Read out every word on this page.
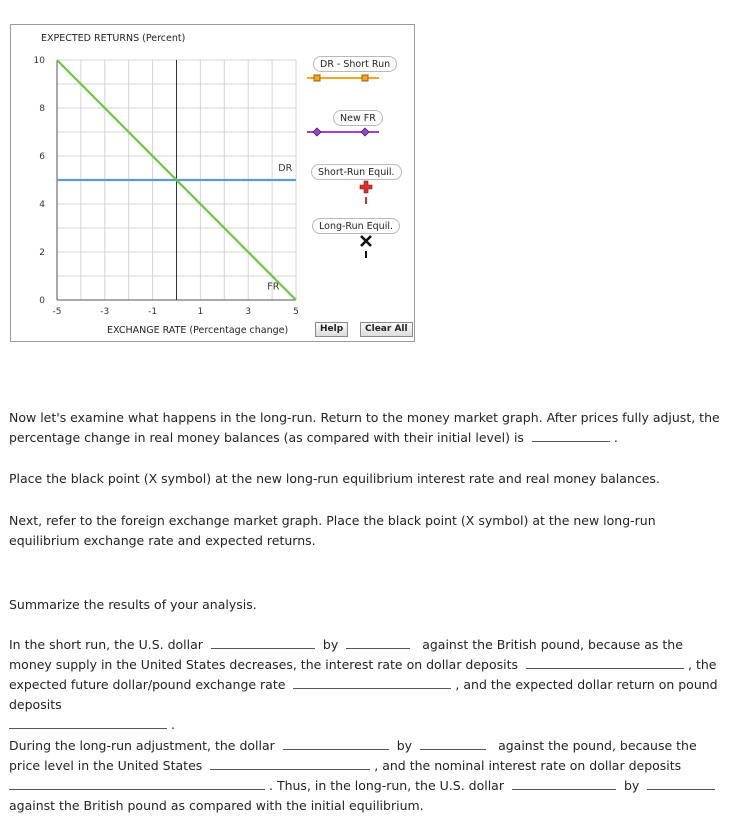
-5	-3	-1	1	3	5
0
2
4
6
8
10
EXPECTED RETURNS (Percent)
EXCHANGE RATE (Percentage change)
DR
FR
DR - Short Run
New FR
Short-Run Equil.
Long-Run Equil.
Help	Clear All
Now let's examine what happens in the long-run. Return to the money market graph. After prices fully adjust, the percentage change in real money balances (as compared with their initial level) is	.
Place the black point (X symbol) at the new long-run equilibrium interest rate and real money balances.
Next, refer to the foreign exchange market graph. Place the black point (X symbol) at the new long-run equilibrium exchange rate and expected returns.
Summarize the results of your analysis.
In the short run, the U.S. dollar	by	against the British pound, because as the money supply in the United States decreases, the interest rate on dollar deposits	, the expected future dollar/pound exchange rate	, and the expected dollar return on pound deposits
.
During the long-run adjustment, the dollar	by	against the pound, because the price level in the United States	, and the nominal interest rate on dollar deposits
. Thus, in the long-run, the U.S. dollar	by
against the British pound as compared with the initial equilibrium.
